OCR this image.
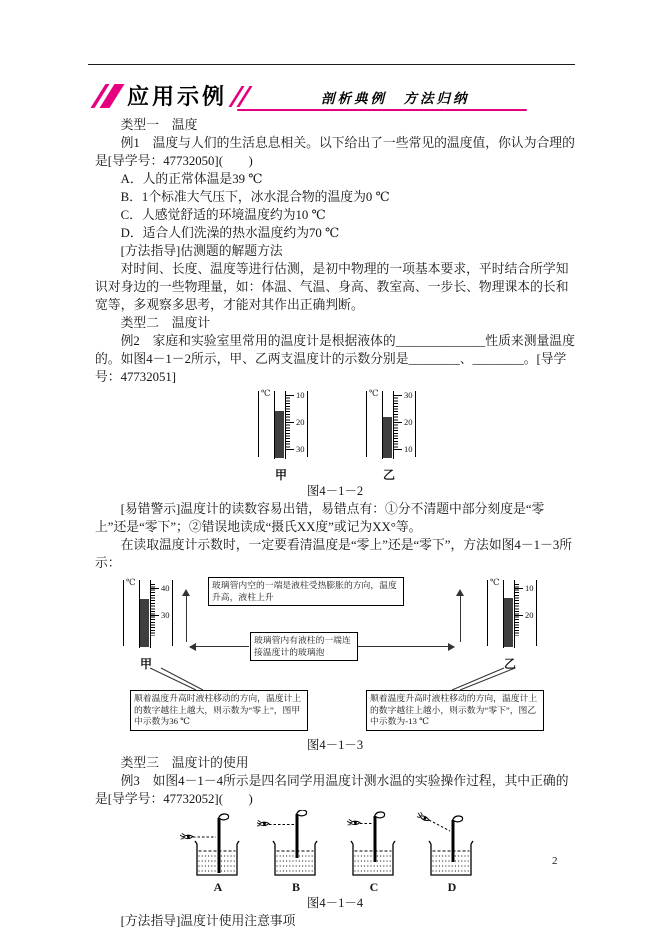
应用示例	剖析典例　方法归纳

类型一　温度

例1　温度与人们的生活息息相关。以下给出了一些常见的温度值，你认为合理的是[导学号：47732050](　　)

A．人的正常体温是39 ℃

B．1个标准大气压下，冰水混合物的温度为0 ℃

C．人感觉舒适的环境温度约为10 ℃

D．适合人们洗澡的热水温度约为70 ℃

[方法指导]估测题的解题方法

对时间、长度、温度等进行估测，是初中物理的一项基本要求，平时结合所学知识对身边的一些物理量，如：体温、气温、身高、教室高、一步长、物理课本的长和宽等，多观察多思考，才能对其作出正确判断。

类型二　温度计

例2　家庭和实验室里常用的温度计是根据液体的______________性质来测量温度的。如图4－1－2所示，甲、乙两支温度计的示数分别是________、________。[导学号：47732051]

℃	10
20
30
甲
℃	30
20
10
乙

图4－1－2

[易错警示]温度计的读数容易出错，易错点有：①分不清题中部分刻度是“零上”还是“零下”；②错误地读成“摄氏XX度”或记为XX°等。

在读取温度计示数时，一定要看清温度是“零上”还是“零下”，方法如图4－1－3所示：

℃
40
30
甲
玻璃管内空的一端是液柱受热膨胀的方向，温度升高，液柱上升
玻璃管内有液柱的一端连接温度计的玻璃泡
℃
10
20
乙
顺着温度升高时液柱移动的方向，温度计上的数字越往上越大，则示数为“零上”，图甲中示数为36 ℃
顺着温度升高时液柱移动的方向，温度计上的数字越往上越小，则示数为“零下”，图乙中示数为-13 ℃

图4－1－3

类型三　温度计的使用

例3　如图4－1－4所示是四名同学用温度计测水温的实验操作过程，其中正确的是[导学号：47732052](　　)

A	B	C	D

图4－1－4

[方法指导]温度计使用注意事项

2
